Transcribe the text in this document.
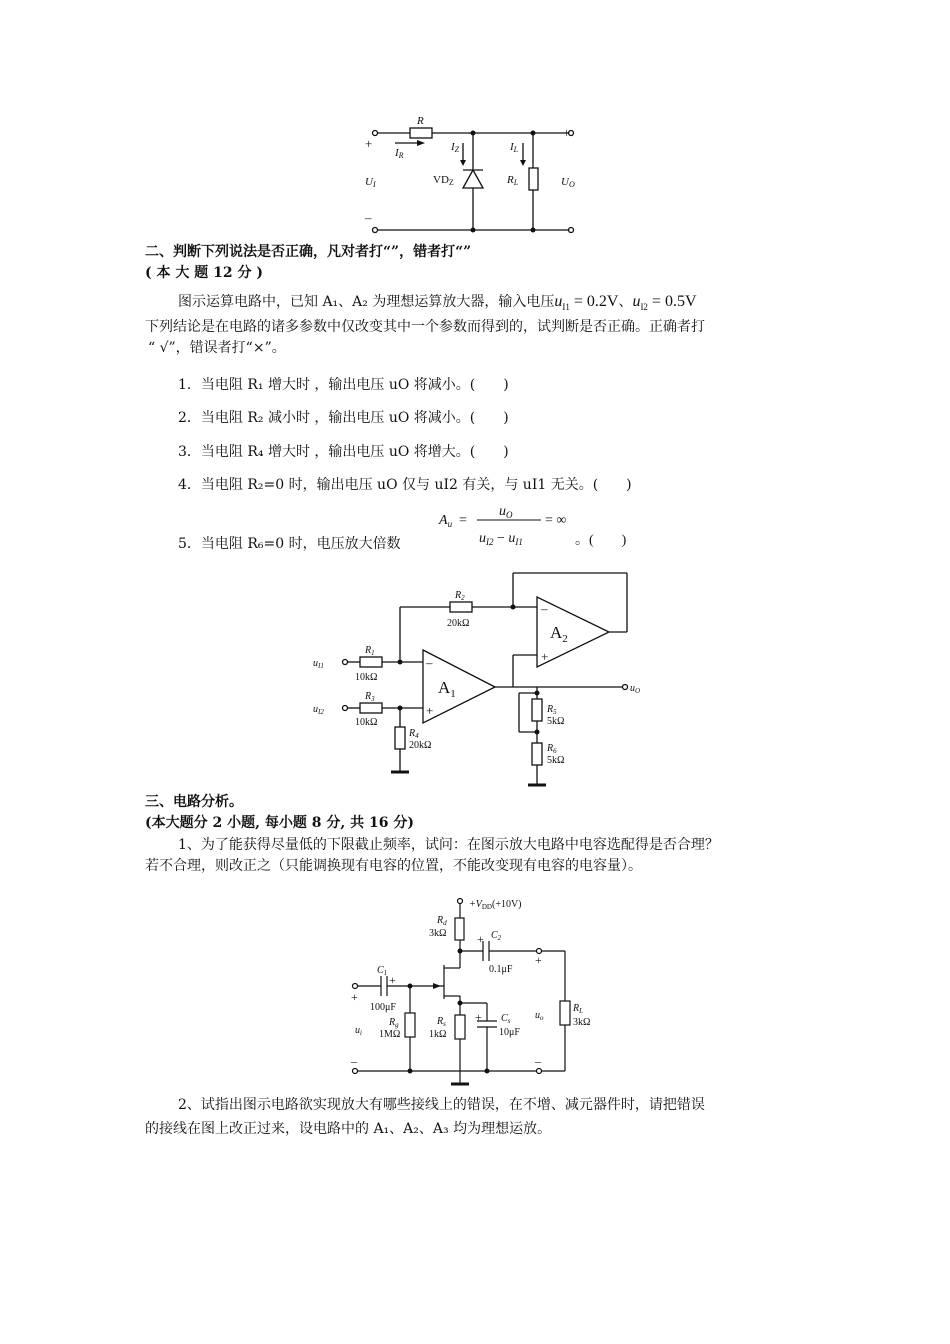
R
IR
IZ	IL
UI	VDZ	RL	UO
+
–
+
–
二、判断下列说法是否正确，凡对者打“”，错者打“”
( 本 大 题 12 分 )
图示运算电路中，已知 A₁、A₂ 为理想运算放大器，输入电压$u_{I1} = 0.2V$、$u_{I2} = 0.5V$
下列结论是在电路的诸多参数中仅改变其中一个参数而得到的，试判断是否正确。正确者打
“ √”，错误者打“×”。
1．当电阻 R₁ 增大时 ，输出电压 uO 将减小。(　　)
2．当电阻 R₂ 减小时 ，输出电压 uO 将减小。(　　)
3．当电阻 R₄ 增大时 ，输出电压 uO 将增大。(　　)
4．当电阻 R₂=0 时，输出电压 uO 仅与 uI2 有关，与 uI1 无关。(　　)
5．当电阻 R₆=0 时，电压放大倍数
$A_u$ =
$u_O$
$u_{I2} - u_{I1}$
= ∞
。(　　)
–
+
$A_2$
–
+
$A_1$
$R_2$
20kΩ
$R_1$
10kΩ
$R_3$
10kΩ
$R_4$
20kΩ
$R_5$
5kΩ
$R_6$
5kΩ
$u_{I1}$
$u_{I2}$
$u_O$
三、电路分析。
(本大题分 2 小题, 每小题 8 分, 共 16 分)
1、为了能获得尽量低的下限截止频率，试问：在图示放大电路中电容选配得是否合理？
若不合理，则改正之（只能调换现有电容的位置，不能改变现有电容的电容量）。
$+V_{DD}(+10V)$
$R_d$
3kΩ	$C_2$
+
0.1μF
+
$C_1$ +
100μF
+
$R_g$
1MΩ
$R_s$
1kΩ
+ $C_s$
10μF
$R_L$
3kΩ
$u_i$
$u_o$
–	–
2、试指出图示电路欲实现放大有哪些接线上的错误，在不增、减元器件时，请把错误
的接线在图上改正过来，设电路中的 A₁、A₂、A₃ 均为理想运放。
